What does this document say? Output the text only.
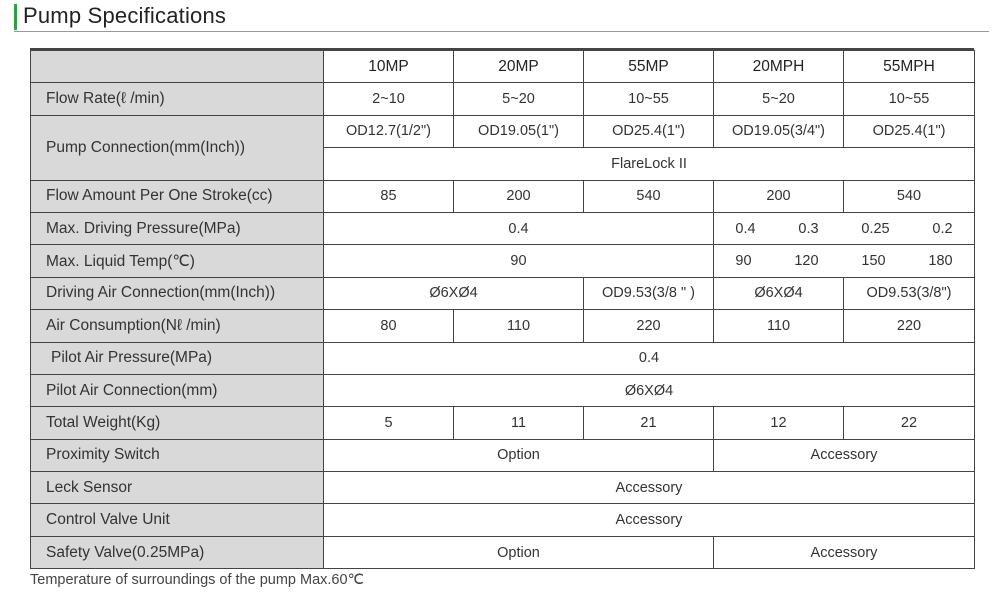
Pump Specifications
	10MP	20MP	55MP	20MPH	55MPH
Flow Rate(ℓ /min)	2~10	5~20	10~55	5~20	10~55
Pump Connection(mm(Inch))	OD12.7(1/2")	OD19.05(1")	OD25.4(1")	OD19.05(3/4")	OD25.4(1")
	FlareLock II				
Flow Amount Per One Stroke(cc)	85	200	540	200	540
Max. Driving Pressure(MPa)	0.4			0.4 0.3 0.25 0.2	

Max. Liquid Temp(℃)	90			90 120 150 180	

Driving Air Connection(mm(Inch))	Ø6XØ4		OD9.53(3/8 " )	Ø6XØ4	OD9.53(3/8")
Air Consumption(Nℓ /min)	80	110	220	110	220
Pilot Air Pressure(MPa)	0.4				
Pilot Air Connection(mm)	Ø6XØ4				
Total Weight(Kg)	5	11	21	12	22
Proximity Switch	Option			Accessory	
Leck Sensor	Accessory				
Control Valve Unit	Accessory				
Safety Valve(0.25MPa)	Option			Accessory	
Temperature of surroundings of the pump Max.60℃
